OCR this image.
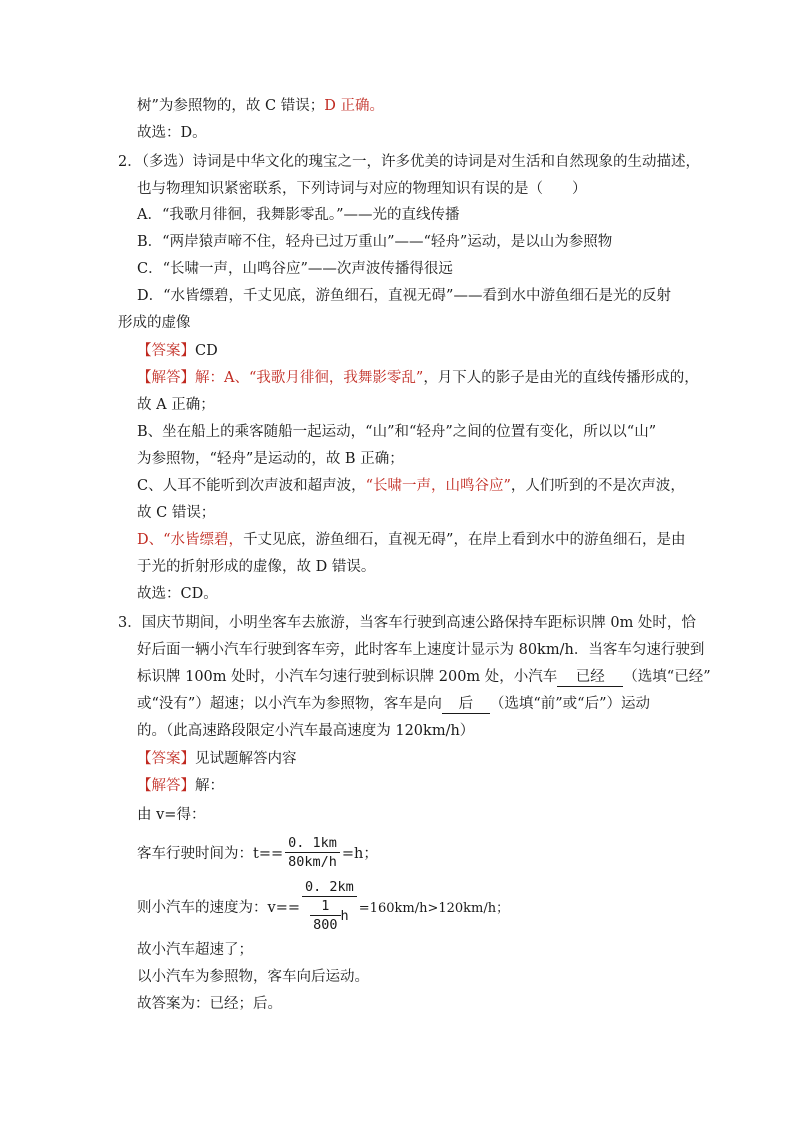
树”为参照物的，故 C 错误；D 正确。
故选：D。
2．（多选）诗词是中华文化的瑰宝之一，许多优美的诗词是对生活和自然现象的生动描述，
也与物理知识紧密联系，下列诗词与对应的物理知识有误的是（　　）
A．“我歌月徘徊，我舞影零乱。”——光的直线传播
B．“两岸猿声啼不住，轻舟已过万重山”——“轻舟”运动，是以山为参照物
C．“长啸一声，山鸣谷应”——次声波传播得很远
D．“水皆缥碧，千丈见底，游鱼细石，直视无碍”——看到水中游鱼细石是光的反射
形成的虚像
【答案】CD
【解答】解：A、“我歌月徘徊，我舞影零乱”，月下人的影子是由光的直线传播形成的，
故 A 正确；
B、坐在船上的乘客随船一起运动，“山”和“轻舟”之间的位置有变化，所以以“山”
为参照物，“轻舟”是运动的，故 B 正确；
C、人耳不能听到次声波和超声波，“长啸一声，山鸣谷应”，人们听到的不是次声波，
故 C 错误；
D、“水皆缥碧，千丈见底，游鱼细石，直视无碍”，在岸上看到水中的游鱼细石，是由
于光的折射形成的虚像，故 D 错误。
故选：CD。
3．国庆节期间，小明坐客车去旅游，当客车行驶到高速公路保持车距标识牌 0m 处时，恰
好后面一辆小汽车行驶到客车旁，此时客车上速度计显示为 80km/h．当客车匀速行驶到
标识牌 100m 处时，小汽车匀速行驶到标识牌 200m 处，小汽车 已经 （选填“已经”
或“没有”）超速；以小汽车为参照物，客车是向 后 （选填“前”或“后”）运动
的。（此高速路段限定小汽车最高速度为 120km/h）
【答案】见试题解答内容
【解答】解：
由 v=得：
客车行驶时间为：$t== \frac{0. 1km}{80km/h} =h$；
则小汽车的速度为：$v== \frac{0. 2km}{\frac{1}{800} h} =160km/h>120km/h$；
故小汽车超速了；
以小汽车为参照物，客车向后运动。
故答案为：已经；后。
